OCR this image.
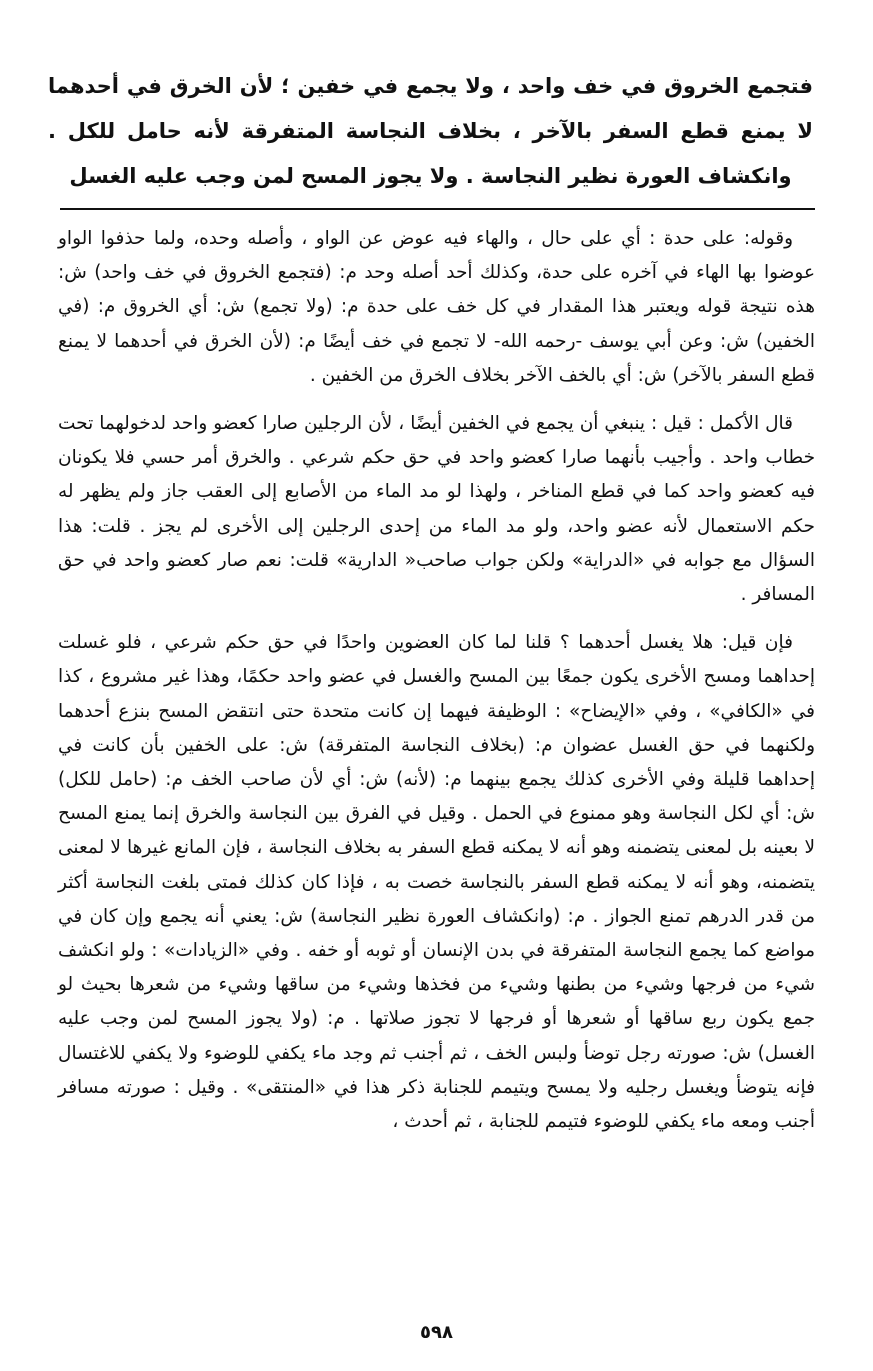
فتجمع الخروق في خف واحد ، ولا يجمع في خفين ؛ لأن الخرق في أحدهما لا يمنع قطع السفر بالآخر ، بخلاف النجاسة المتفرقة لأنه حامل للكل . وانكشاف العورة نظير النجاسة . ولا يجوز المسح لمن وجب عليه الغسل

وقوله: على حدة : أي على حال ، والهاء فيه عوض عن الواو ، وأصله وحده، ولما حذفوا الواو عوضوا بها الهاء في آخره على حدة، وكذلك أحد أصله وحد م: (فتجمع الخروق في خف واحد) ش: هذه نتيجة قوله ويعتبر هذا المقدار في كل خف على حدة م: (ولا تجمع) ش: أي الخروق م: (في الخفين) ش: وعن أبي يوسف -رحمه الله- لا تجمع في خف أيضًا م: (لأن الخرق في أحدهما لا يمنع قطع السفر بالآخر) ش: أي بالخف الآخر بخلاف الخرق من الخفين .

قال الأكمل : قيل : ينبغي أن يجمع في الخفين أيضًا ، لأن الرجلين صارا كعضو واحد لدخولهما تحت خطاب واحد . وأجيب بأنهما صارا كعضو واحد في حق حكم شرعي . والخرق أمر حسي فلا يكونان فيه كعضو واحد كما في قطع المناخر ، ولهذا لو مد الماء من الأصابع إلى العقب جاز ولم يظهر له حكم الاستعمال لأنه عضو واحد، ولو مد الماء من إحدى الرجلين إلى الأخرى لم يجز . قلت: هذا السؤال مع جوابه في «الدراية» ولكن جواب صاحب« الدارية» قلت: نعم صار كعضو واحد في حق المسافر .

فإن قيل: هلا يغسل أحدهما ؟ قلنا لما كان العضوين واحدًا في حق حكم شرعي ، فلو غسلت إحداهما ومسح الأخرى يكون جمعًا بين المسح والغسل في عضو واحد حكمًا، وهذا غير مشروع ، كذا في «الكافي» ، وفي «الإيضاح» : الوظيفة فيهما إن كانت متحدة حتى انتقض المسح بنزع أحدهما ولكنهما في حق الغسل عضوان م: (بخلاف النجاسة المتفرقة) ش: على الخفين بأن كانت في إحداهما قليلة وفي الأخرى كذلك يجمع بينهما م: (لأنه) ش: أي لأن صاحب الخف م: (حامل للكل) ش: أي لكل النجاسة وهو ممنوع في الحمل . وقيل في الفرق بين النجاسة والخرق إنما يمنع المسح لا بعينه بل لمعنى يتضمنه وهو أنه لا يمكنه قطع السفر به بخلاف النجاسة ، فإن المانع غيرها لا لمعنى يتضمنه، وهو أنه لا يمكنه قطع السفر بالنجاسة خصت به ، فإذا كان كذلك فمتى بلغت النجاسة أكثر من قدر الدرهم تمنع الجواز . م: (وانكشاف العورة نظير النجاسة) ش: يعني أنه يجمع وإن كان في مواضع كما يجمع النجاسة المتفرقة في بدن الإنسان أو ثوبه أو خفه . وفي «الزيادات» : ولو انكشف شيء من فرجها وشيء من بطنها وشيء من فخذها وشيء من ساقها وشيء من شعرها بحيث لو جمع يكون ربع ساقها أو شعرها أو فرجها لا تجوز صلاتها . م: (ولا يجوز المسح لمن وجب عليه الغسل) ش: صورته رجل توضأ ولبس الخف ، ثم أجنب ثم وجد ماء يكفي للوضوء ولا يكفي للاغتسال فإنه يتوضأ ويغسل رجليه ولا يمسح ويتيمم للجنابة ذكر هذا في «المنتقى» . وقيل : صورته مسافر أجنب ومعه ماء يكفي للوضوء فتيمم للجنابة ، ثم أحدث ،

٥٩٨
